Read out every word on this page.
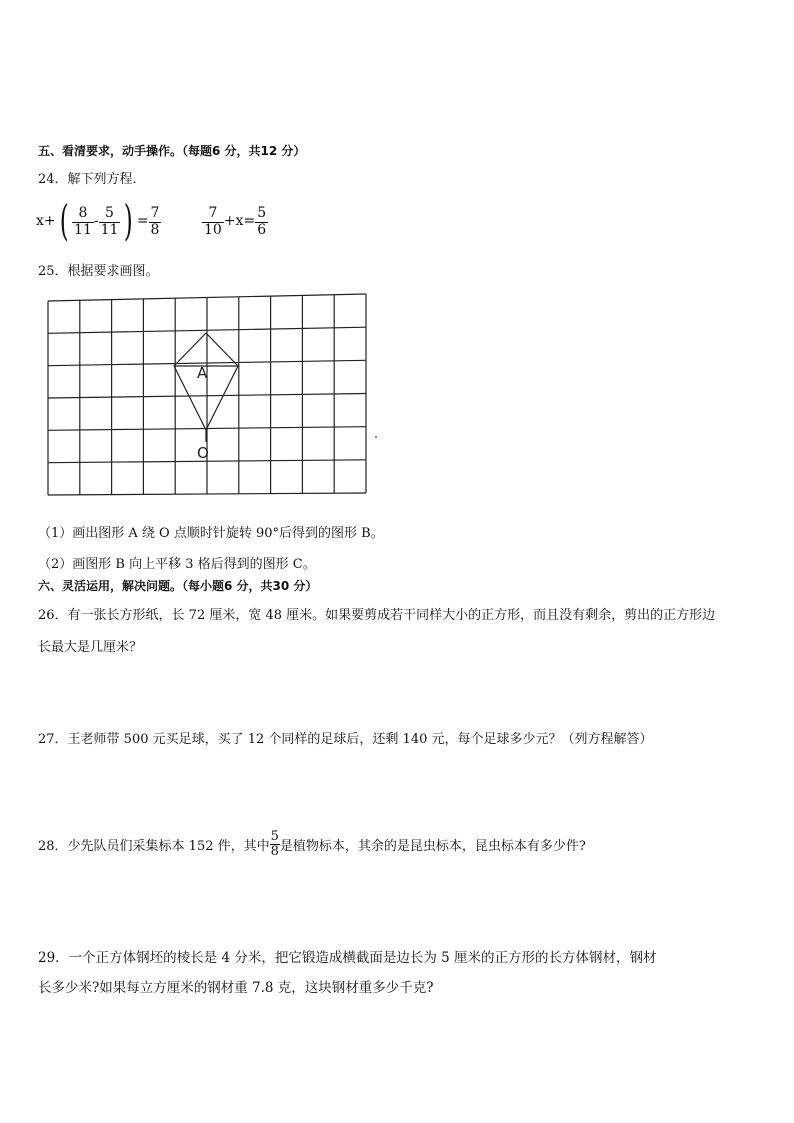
五、看清要求，动手操作。（每题6 分，共12 分）
24．解下列方程．
x+ ( $\frac{8}{11} - \frac{5}{11}$ ) = $\frac{7}{8}$	$\frac{7}{10} +x= \frac{5}{6}$
25．根据要求画图。
A
O
（1）画出图形 A 绕 O 点顺时针旋转 90°后得到的图形 B。
（2）画图形 B 向上平移 3 格后得到的图形 C。
六、灵活运用，解决问题。（每小题6 分，共30 分）
26．有一张长方形纸，长 72 厘米，宽 48 厘米。如果要剪成若干同样大小的正方形，而且没有剩余，剪出的正方形边
长最大是几厘米？
27．王老师带 500 元买足球，买了 12 个同样的足球后，还剩 140 元，每个足球多少元？（列方程解答）
28．少先队员们采集标本 152 件，其中 $\frac{5}{8}$ 是植物标本，其余的是昆虫标本，昆虫标本有多少件?
29．一个正方体钢坯的棱长是 4 分米，把它锻造成横截面是边长为 5 厘米的正方形的长方体钢材，钢材
长多少米?如果每立方厘米的钢材重 7.8 克，这块钢材重多少千克?
